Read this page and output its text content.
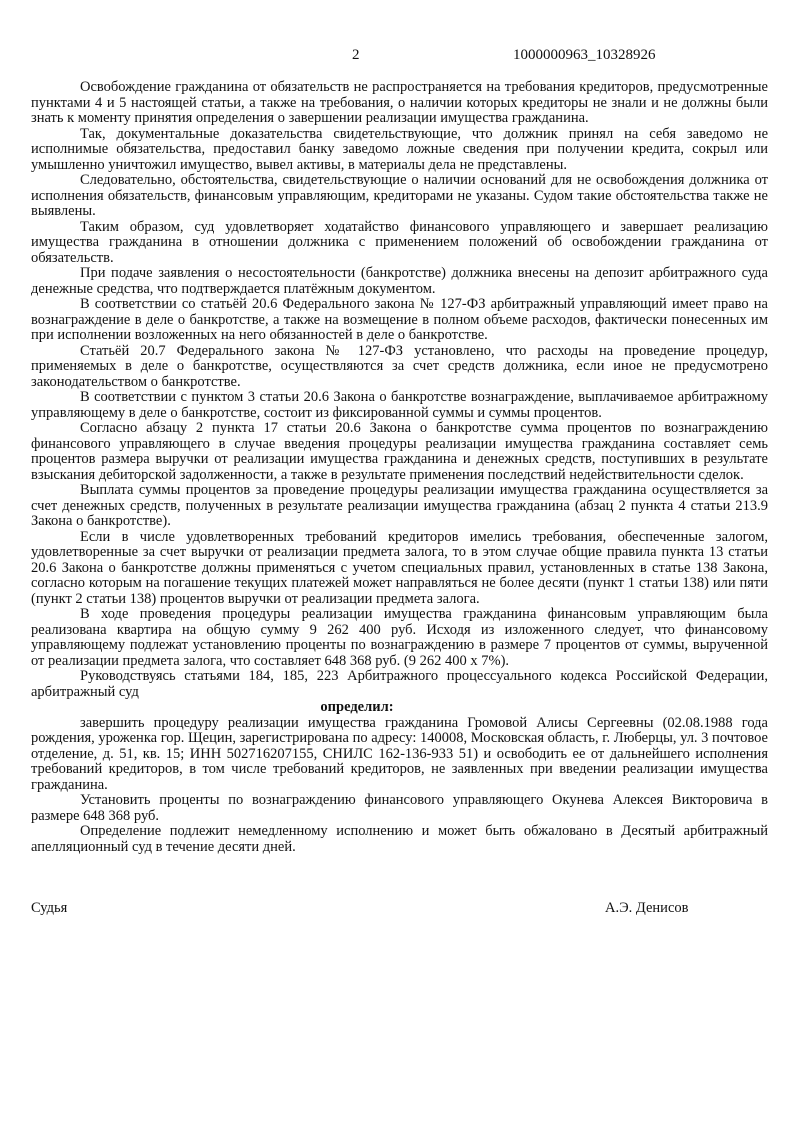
2	1000000963_10328926

Освобождение гражданина от обязательств не распространяется на требования кредиторов, предусмотренные пунктами 4 и 5 настоящей статьи, а также на требования, о наличии которых кредиторы не знали и не должны были знать к моменту принятия определения о завершении реализации имущества гражданина.

Так, документальные доказательства свидетельствующие, что должник принял на себя заведомо не исполнимые обязательства, предоставил банку заведомо ложные сведения при получении кредита, сокрыл или умышленно уничтожил имущество, вывел активы, в материалы дела не представлены.

Следовательно, обстоятельства, свидетельствующие о наличии оснований для не освобождения должника от исполнения обязательств, финансовым управляющим, кредиторами не указаны. Судом такие обстоятельства также не выявлены.

Таким образом, суд удовлетворяет ходатайство финансового управляющего и завершает реализацию имущества гражданина в отношении должника с применением положений об освобождении гражданина от обязательств.

При подаче заявления о несостоятельности (банкротстве) должника внесены на депозит арбитражного суда денежные средства, что подтверждается платёжным документом.

В соответствии со статьёй 20.6 Федерального закона № 127-ФЗ арбитражный управляющий имеет право на вознаграждение в деле о банкротстве, а также на возмещение в полном объеме расходов, фактически понесенных им при исполнении возложенных на него обязанностей в деле о банкротстве.

Статьёй 20.7 Федерального закона № 127-ФЗ установлено, что расходы на проведение процедур, применяемых в деле о банкротстве, осуществляются за счет средств должника, если иное не предусмотрено законодательством о банкротстве.

В соответствии с пунктом 3 статьи 20.6 Закона о банкротстве вознаграждение, выплачиваемое арбитражному управляющему в деле о банкротстве, состоит из фиксированной суммы и суммы процентов.

Согласно абзацу 2 пункта 17 статьи 20.6 Закона о банкротстве сумма процентов по вознаграждению финансового управляющего в случае введения процедуры реализации имущества гражданина составляет семь процентов размера выручки от реализации имущества гражданина и денежных средств, поступивших в результате взыскания дебиторской задолженности, а также в результате применения последствий недействительности сделок.

Выплата суммы процентов за проведение процедуры реализации имущества гражданина осуществляется за счет денежных средств, полученных в результате реализации имущества гражданина (абзац 2 пункта 4 статьи 213.9 Закона о банкротстве).

Если в числе удовлетворенных требований кредиторов имелись требования, обеспеченные залогом, удовлетворенные за счет выручки от реализации предмета залога, то в этом случае общие правила пункта 13 статьи 20.6 Закона о банкротстве должны применяться с учетом специальных правил, установленных в статье 138 Закона, согласно которым на погашение текущих платежей может направляться не более десяти (пункт 1 статьи 138) или пяти (пункт 2 статьи 138) процентов выручки от реализации предмета залога.

В ходе проведения процедуры реализации имущества гражданина финансовым управляющим была реализована квартира на общую сумму 9 262 400 руб. Исходя из изложенного следует, что финансовому управляющему подлежат установлению проценты по вознаграждению в размере 7 процентов от суммы, вырученной от реализации предмета залога, что составляет 648 368 руб. (9 262 400 х 7%).

Руководствуясь статьями 184, 185, 223 Арбитражного процессуального кодекса Российской Федерации, арбитражный суд

определил:

завершить процедуру реализации имущества гражданина Громовой Алисы Сергеевны (02.08.1988 года рождения, уроженка гор. Щецин, зарегистрирована по адресу: 140008, Московская область, г. Люберцы, ул. 3 почтовое отделение, д. 51, кв. 15; ИНН 502716207155, СНИЛС 162-136-933 51) и освободить ее от дальнейшего исполнения требований кредиторов, в том числе требований кредиторов, не заявленных при введении реализации имущества гражданина.

Установить проценты по вознаграждению финансового управляющего Окунева Алексея Викторовича в размере 648 368 руб.

Определение подлежит немедленному исполнению и может быть обжаловано в Десятый арбитражный апелляционный суд в течение десяти дней.

Судья	А.Э. Денисов
